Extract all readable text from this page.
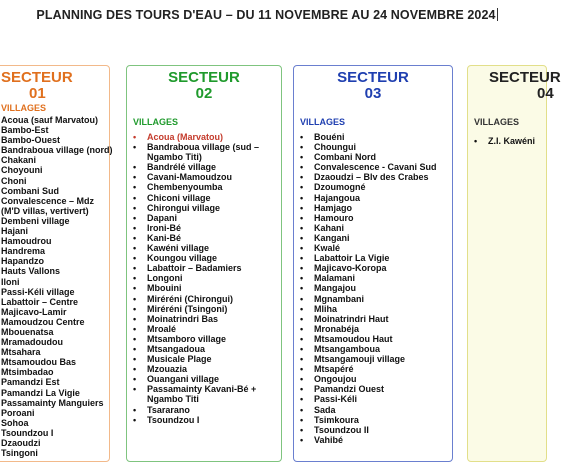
PLANNING DES TOURS D'EAU – DU 11 NOVEMBRE AU 24 NOVEMBRE 2024
SECTEUR
01
VILLAGES
Acoua (sauf Marvatou)
Bambo-Est
Bambo-Ouest
Bandraboua village (nord)
Chakani
Choyouni
Choni
Combani Sud
Convalescence – Mdz
(M'D villas, vertivert)
Dembeni village
Hajani
Hamoudrou
Handrema
Hapandzo
Hauts Vallons
Iloni
Passi-Kéli village
Labattoir – Centre
Majicavo-Lamir
Mamoudzou Centre
Mbouenatsa
Mramadoudou
Mtsahara
Mtsamoudou Bas
Mtsimbadao
Pamandzi Est
Pamandzi La Vigie
Passamainty Manguiers
Poroani
Sohoa
Tsoundzou I
Dzaoudzi
Tsingoni
SECTEUR
02
VILLAGES
• Acoua (Marvatou)
• Bandraboua village (sud – Ngambo Titi)
• Bandrélé village
• Cavani-Mamoudzou
• Chembenyoumba
• Chiconi village
• Chirongui village
• Dapani
• Ironi-Bé
• Kani-Bé
• Kawéni village
• Koungou village
• Labattoir – Badamiers
• Longoni
• Mbouini
• Miréréni (Chirongui)
• Miréréni (Tsingoni)
• Moinatrindri Bas
• Mroalé
• Mtsamboro village
• Mtsangadoua
• Musicale Plage
• Mzouazia
• Ouangani village
• Passamainty Kavani-Bé + Ngambo Titi
• Tsararano
• Tsoundzou I
SECTEUR
03
VILLAGES
• Bouéni
• Choungui
• Combani Nord
• Convalescence - Cavani Sud
• Dzaoudzi – Blv des Crabes
• Dzoumogné
• Hajangoua
• Hamjago
• Hamouro
• Kahani
• Kangani
• Kwalé
• Labattoir La Vigie
• Majicavo-Koropa
• Malamani
• Mangajou
• Mgnambani
• Mliha
• Moinatrindri Haut
• Mronabéja
• Mtsamoudou Haut
• Mtsangamboua
• Mtsangamouji village
• Mtsapéré
• Ongoujou
• Pamandzi Ouest
• Passi-Kéli
• Sada
• Tsimkoura
• Tsoundzou II
• Vahibé
SECTEUR
04
VILLAGES
• Z.I. Kawéni
